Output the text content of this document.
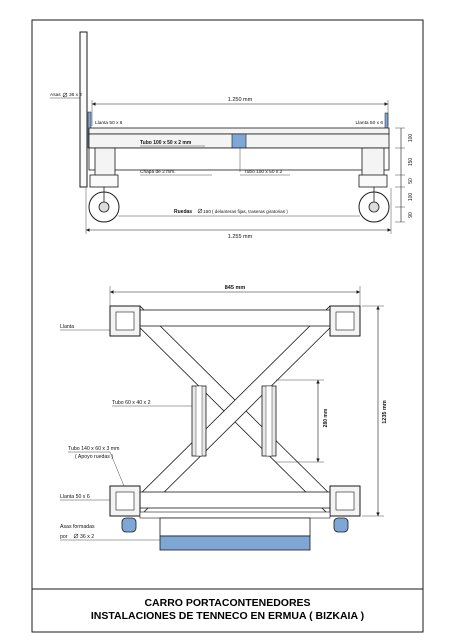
1.250 mm
1.255 mm
Asas 36 x 2
Llanta 50 x 6	Llanta 50 x 6
Tubo 100 x 50 x 2 mm
Chapa de 2 mm.	Tubo 100 x 50 x 2
Ruedas 160 ( delanteras fijas, traseras giratorias )
100
150
50
100
90
845 mm
1235 mm
280 mm
Llanta
Tubo 60 x 40 x 2
Tubo 140 x 60 x 3 mm
( Apoyo ruedas )
Llanta 50 x 6
Asas formadas
por 36 x 2
CARRO PORTACONTENEDORES
INSTALACIONES DE TENNECO EN ERMUA ( BIZKAIA )
